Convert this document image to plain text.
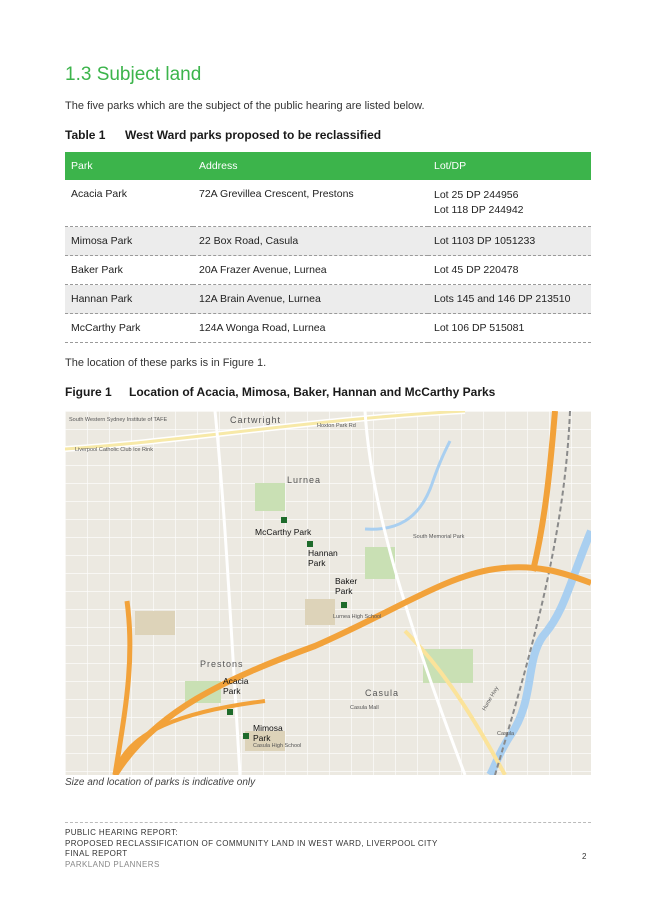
1.3 Subject land
The five parks which are the subject of the public hearing are listed below.
Table 1 West Ward parks proposed to be reclassified
Park	Address	Lot/DP
Acacia Park	72A Grevillea Crescent, Prestons	Lot 25 DP 244956
Lot 118 DP 244942

Mimosa Park	22 Box Road, Casula	Lot 1103 DP 1051233
Baker Park	20A Frazer Avenue, Lurnea	Lot 45 DP 220478
Hannan Park	12A Brain Avenue, Lurnea	Lots 145 and 146 DP 213510
McCarthy Park	124A Wonga Road, Lurnea	Lot 106 DP 515081
The location of these parks is in Figure 1.
Figure 1 Location of Acacia, Mimosa, Baker, Hannan and McCarthy Parks
Cartwright
Lurnea
Prestons
Casula
Hoxton Park Rd
Hume Hwy
Lurnea High School
Casula High School
Casula Mall
Liverpool Catholic Club Ice Rink
South Western Sydney Institute of TAFE
South Memorial Park
Casula
McCarthy Park
Hannan
Park
Baker
Park
Acacia
Park
Mimosa
Park
Size and location of parks is indicative only
PUBLIC HEARING REPORT:
PROPOSED RECLASSIFICATION OF COMMUNITY LAND IN WEST WARD, LIVERPOOL CITY
FINAL REPORT
PARKLAND PLANNERS
2
